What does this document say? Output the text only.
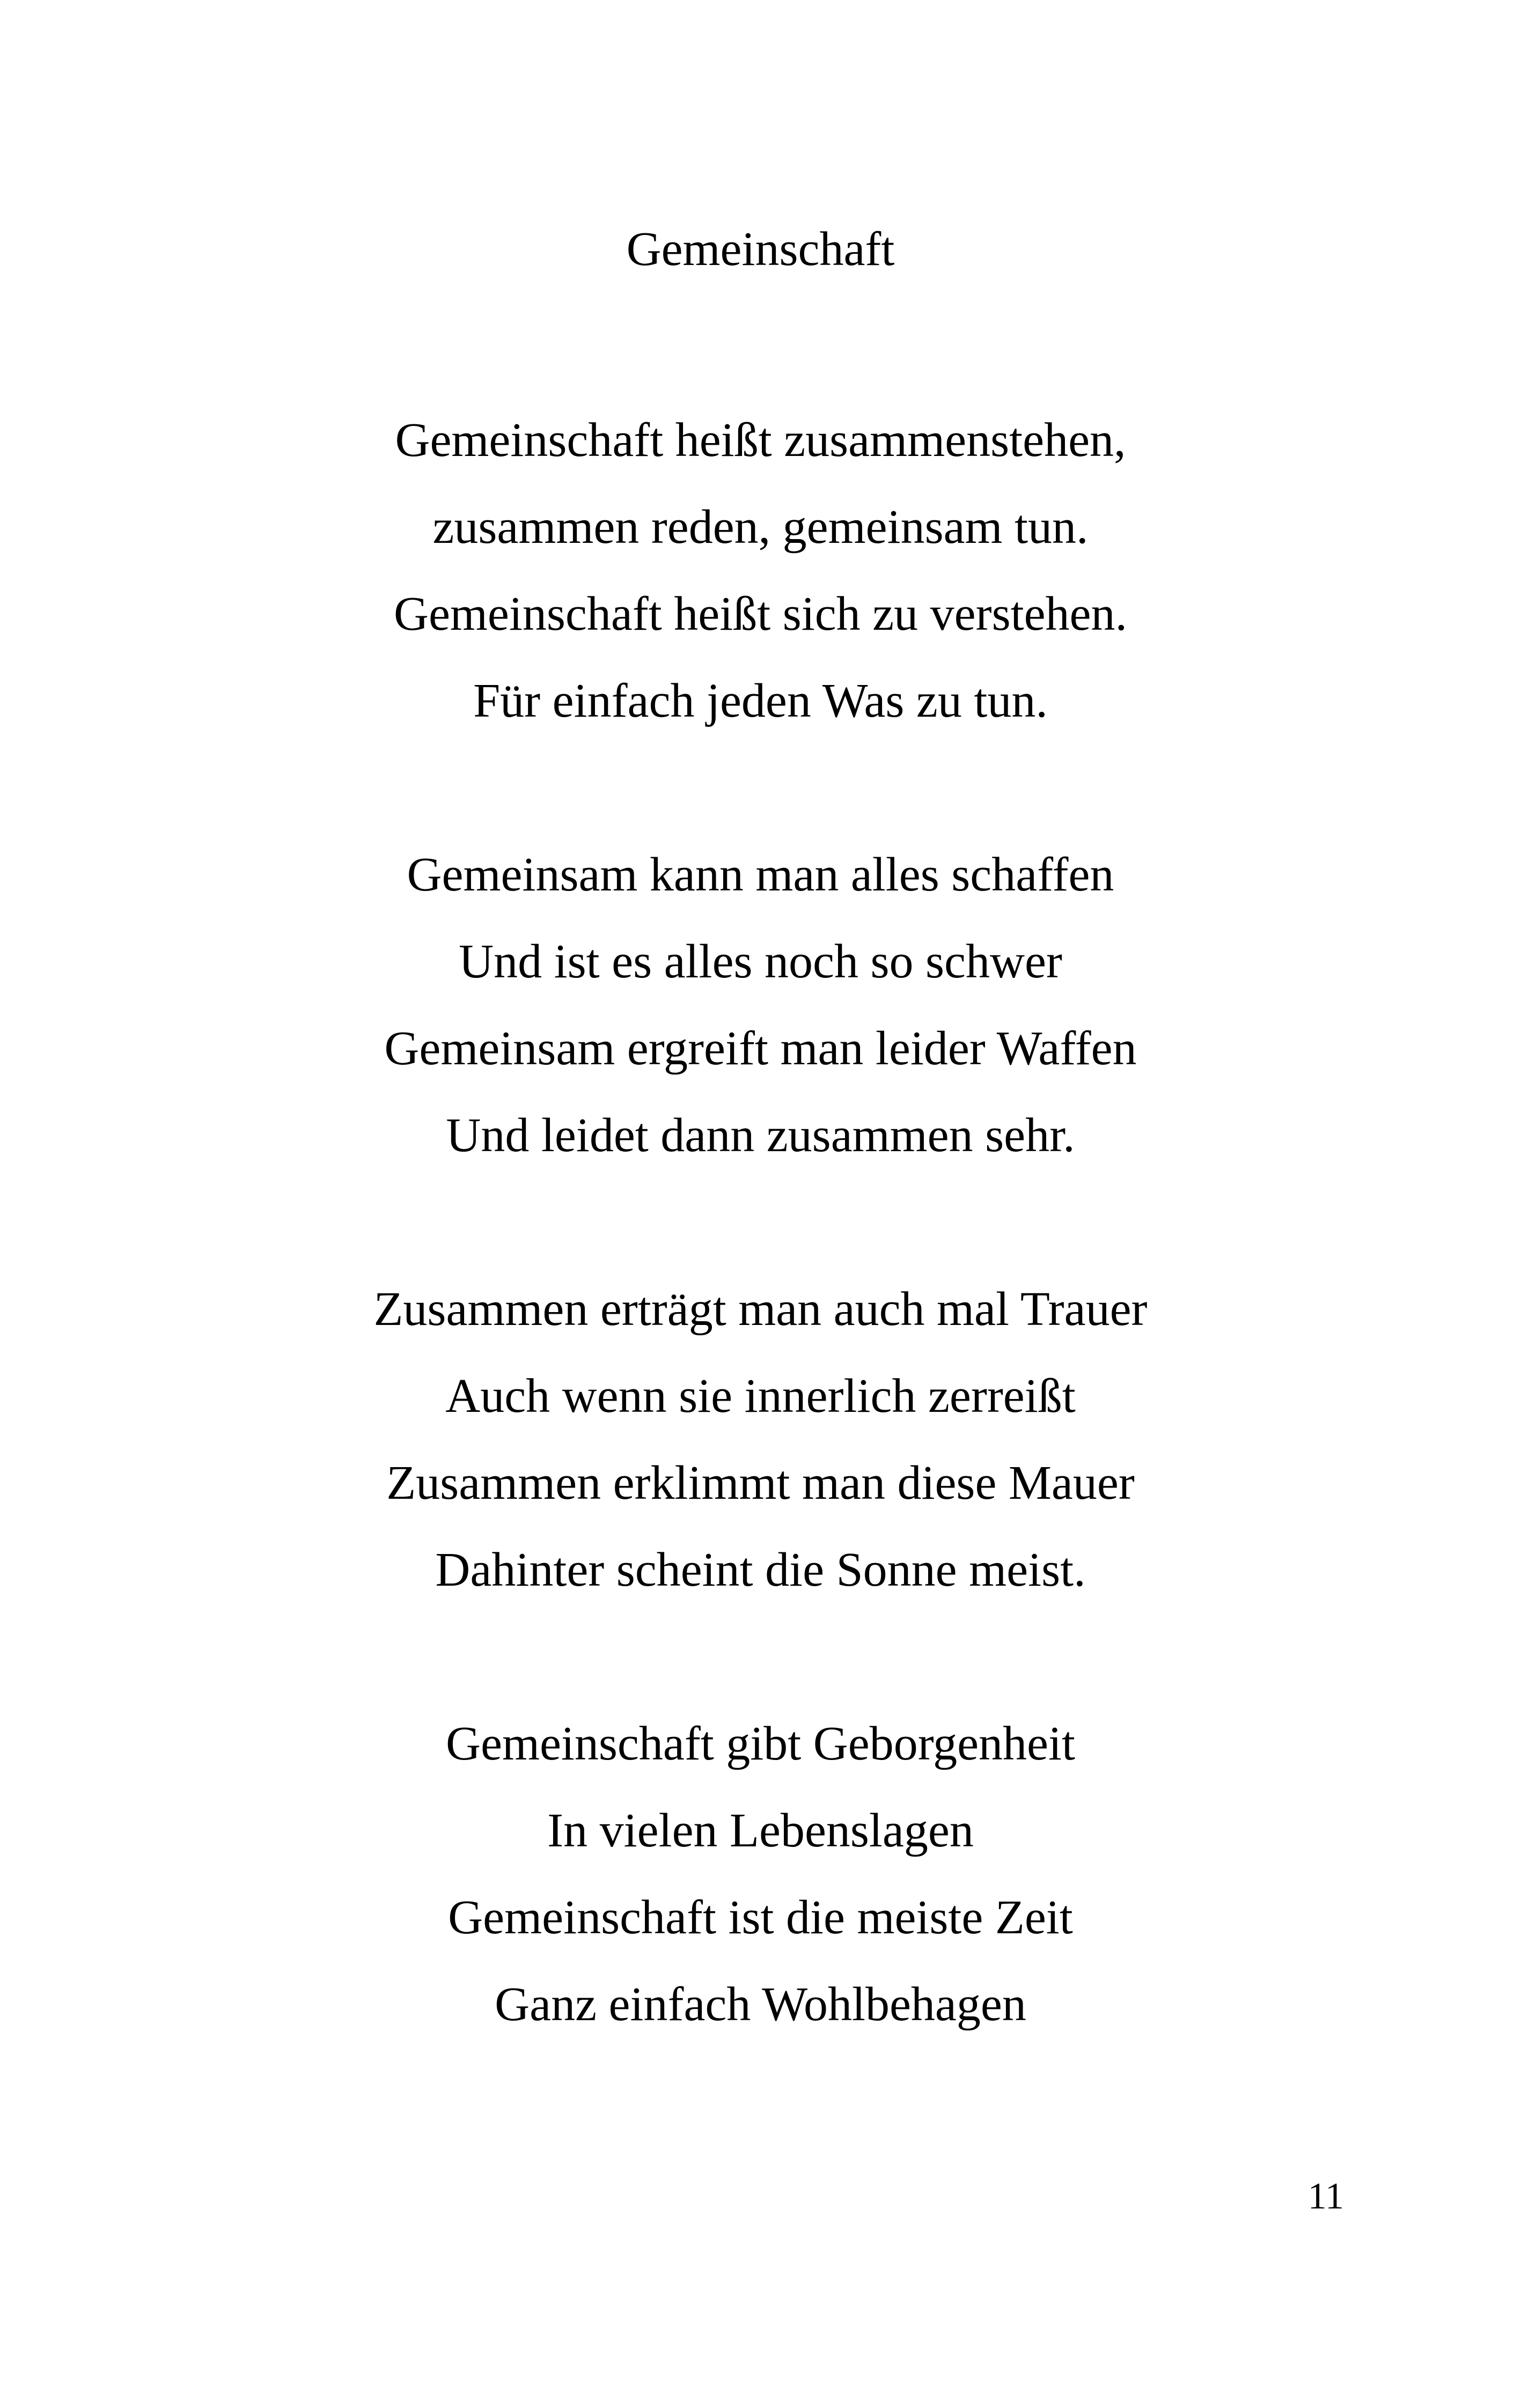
Gemeinschaft
Gemeinschaft heißt zusammenstehen,
zusammen reden, gemeinsam tun.
Gemeinschaft heißt sich zu verstehen.
Für einfach jeden Was zu tun.
Gemeinsam kann man alles schaffen
Und ist es alles noch so schwer
Gemeinsam ergreift man leider Waffen
Und leidet dann zusammen sehr.
Zusammen erträgt man auch mal Trauer
Auch wenn sie innerlich zerreißt
Zusammen erklimmt man diese Mauer
Dahinter scheint die Sonne meist.
Gemeinschaft gibt Geborgenheit
In vielen Lebenslagen
Gemeinschaft ist die meiste Zeit
Ganz einfach Wohlbehagen
11
